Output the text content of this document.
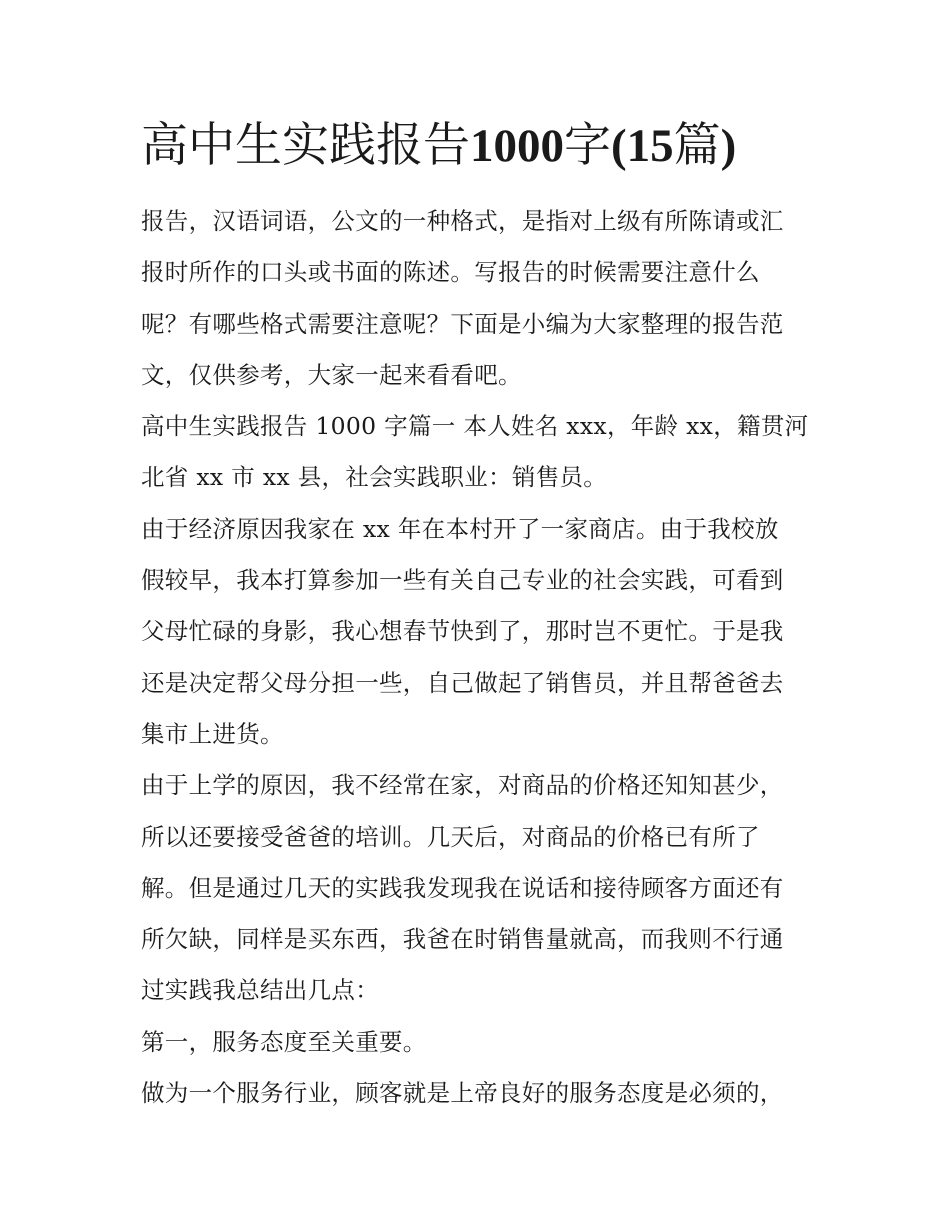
高中生实践报告1000字(15篇)

报告，汉语词语，公文的一种格式，是指对上级有所陈请或汇
报时所作的口头或书面的陈述。写报告的时候需要注意什么
呢？有哪些格式需要注意呢？下面是小编为大家整理的报告范
文，仅供参考，大家一起来看看吧。

高中生实践报告 1000 字篇一 本人姓名 xxx，年龄 xx，籍贯河
北省 xx 市 xx 县，社会实践职业：销售员。

由于经济原因我家在 xx 年在本村开了一家商店。由于我校放
假较早，我本打算参加一些有关自己专业的社会实践，可看到
父母忙碌的身影，我心想春节快到了，那时岂不更忙。于是我
还是决定帮父母分担一些，自己做起了销售员，并且帮爸爸去
集市上进货。

由于上学的原因，我不经常在家，对商品的价格还知知甚少，
所以还要接受爸爸的培训。几天后，对商品的价格已有所了
解。但是通过几天的实践我发现我在说话和接待顾客方面还有
所欠缺，同样是买东西，我爸在时销售量就高，而我则不行通
过实践我总结出几点：

第一，服务态度至关重要。

做为一个服务行业，顾客就是上帝良好的服务态度是必须的，
